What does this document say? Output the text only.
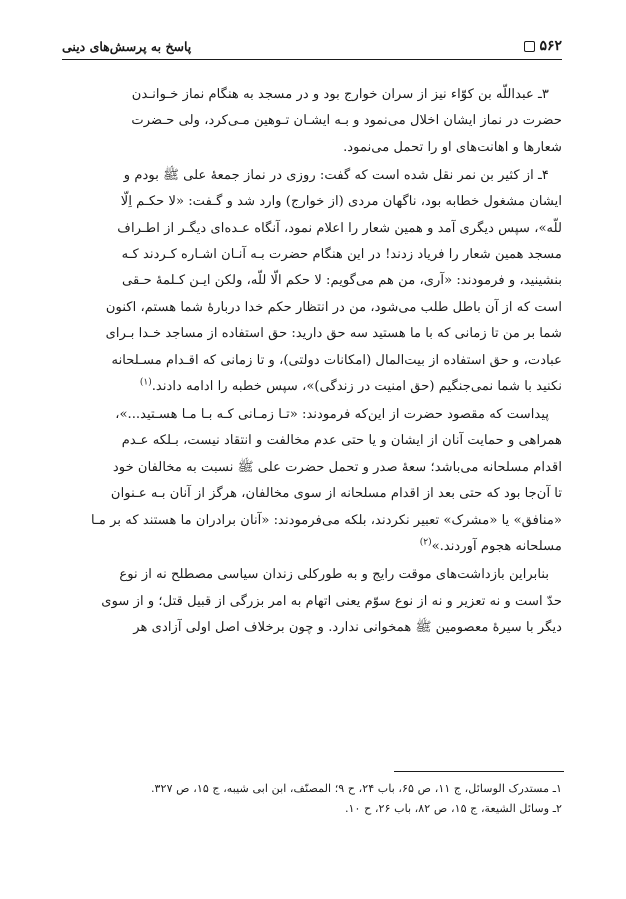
۵۶۲
پاسخ به پرسش‌های دینی

۳ـ عبداللّه بن کوّاء نیز از سران خوارج بود و در مسجد به هنگام نماز خـوانـدن
حضرت در نماز ایشان اخلال می‌نمود و بـه ایشـان تـوهین مـی‌کرد، ولی حـضرت
شعارها و اهانت‌های او را تحمل می‌نمود.

۴ـ از کثیر بن نمر نقل شده است که گفت: روزی در نماز جمعهٔ علی ﷺ بودم و
ایشان مشغول خطابه بود، ناگهان مردی (از خوارج) وارد شد و گـفت: «لا حکـم اِلّا
للّه»، سپس دیگری آمد و همین شعار را اعلام نمود، آنگاه عـده‌ای دیگـر از اطـراف
مسجد همین شعار را فریاد زدند! در این هنگام حضرت بـه آنـان اشـاره کـردند کـه
بنشینید، و فرمودند: «آری، من هم می‌گویم: لا حکم الّا للّه، ولکن ایـن کـلمهٔ حـقی
است که از آن باطل طلب می‌شود، من در انتظار حکم خدا دربارهٔ شما هستم، اکنون
شما بر من تا زمانی که با ما هستید سه حق دارید: حق استفاده از مساجد خـدا بـرای
عبادت، و حق استفاده از بیت‌المال (امکانات دولتی)، و تا زمانی که اقـدام مسـلحانه
نکنید با شما نمی‌جنگیم (حق امنیت در زندگی)»، سپس خطبه را ادامه دادند.$^{(۱)}$

پیداست که مقصود حضرت از این‌که فرمودند: «تـا زمـانی کـه بـا مـا هسـتید...»،
همراهی و حمایت آنان از ایشان و یا حتی عدم مخالفت و انتقاد نیست، بـلکه عـدم
اقدام مسلحانه می‌باشد؛ سعهٔ صدر و تحمل حضرت علی ﷺ نسبت به مخالفان خود
تا آن‌جا بود که حتی بعد از اقدام مسلحانه از سوی مخالفان، هرگز از آنان بـه عـنوان
«منافق» یا «مشرک» تعبیر نکردند، بلکه می‌فرمودند: «آنان برادران ما هستند که بر مـا
مسلحانه هجوم آوردند.»$^{(۲)}$

بنابراین بازداشت‌های موقت رایج و به طورکلی زندان سیاسی مصطلح نه از نوع
حدّ است و نه تعزیر و نه از نوع سوّم یعنی اتهام به امر بزرگی از قبیل قتل؛ و از سوی
دیگر با سیرهٔ معصومین ﷺ همخوانی ندارد. و چون برخلاف اصل اولی آزادی هر

۱ـ مستدرک الوسائل، ج ۱۱، ص ۶۵، باب ۲۴، ح ۹؛ المصنّف، ابن ابی شیبه، ج ۱۵، ص ۳۲۷.
۲ـ وسائل الشیعة، ج ۱۵، ص ۸۲، باب ۲۶، ح ۱۰.
